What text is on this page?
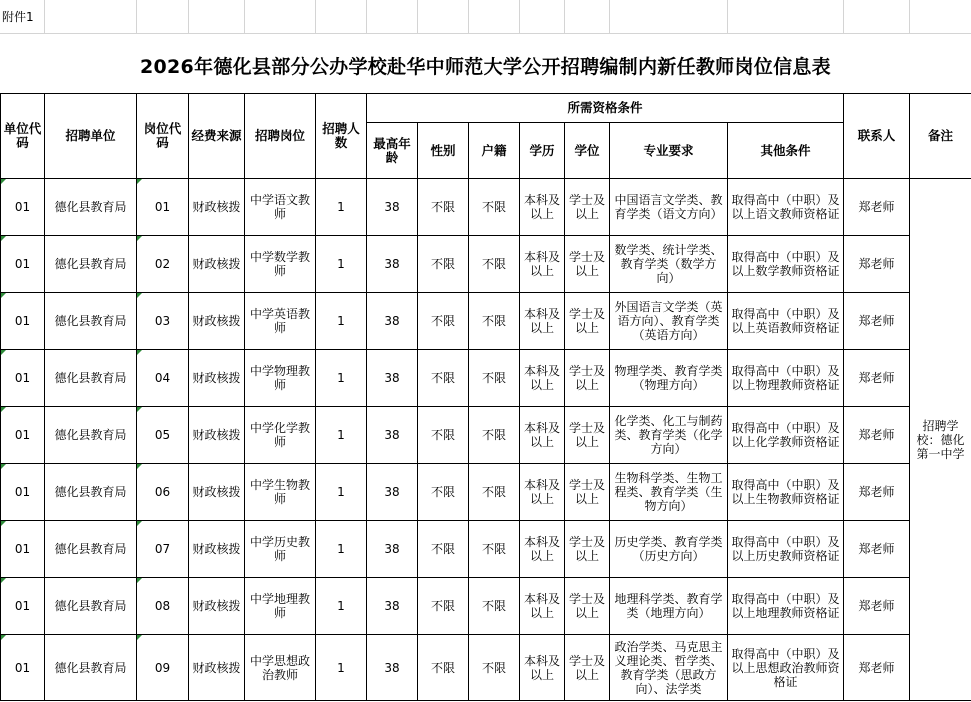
附件1
2026年德化县部分公办学校赴华中师范大学公开招聘编制内新任教师岗位信息表
单位代码	招聘单位	岗位代码	经费来源	招聘岗位	招聘人数	所需资格条件							联系人	备注
						最高年龄	性别	户籍	学历	学位	专业要求	其他条件		
01	德化县教育局	01	财政核拨	中学语文教师	1	38	不限	不限	本科及以上	学士及以上	中国语言文学类、教育学类（语文方向）	取得高中（中职）及以上语文教师资格证	郑老师	招聘学校：德化第一中学
01	德化县教育局	02	财政核拨	中学数学教师	1	38	不限	不限	本科及以上	学士及以上	数学类、统计学类、教育学类（数学方向）	取得高中（中职）及以上数学教师资格证	郑老师	
01	德化县教育局	03	财政核拨	中学英语教师	1	38	不限	不限	本科及以上	学士及以上	外国语言文学类（英语方向）、教育学类（英语方向）	取得高中（中职）及以上英语教师资格证	郑老师	
01	德化县教育局	04	财政核拨	中学物理教师	1	38	不限	不限	本科及以上	学士及以上	物理学类、教育学类（物理方向）	取得高中（中职）及以上物理教师资格证	郑老师	
01	德化县教育局	05	财政核拨	中学化学教师	1	38	不限	不限	本科及以上	学士及以上	化学类、化工与制药类、教育学类（化学方向）	取得高中（中职）及以上化学教师资格证	郑老师	
01	德化县教育局	06	财政核拨	中学生物教师	1	38	不限	不限	本科及以上	学士及以上	生物科学类、生物工程类、教育学类（生物方向）	取得高中（中职）及以上生物教师资格证	郑老师	
01	德化县教育局	07	财政核拨	中学历史教师	1	38	不限	不限	本科及以上	学士及以上	历史学类、教育学类（历史方向）	取得高中（中职）及以上历史教师资格证	郑老师	
01	德化县教育局	08	财政核拨	中学地理教师	1	38	不限	不限	本科及以上	学士及以上	地理科学类、教育学类（地理方向）	取得高中（中职）及以上地理教师资格证	郑老师	
01	德化县教育局	09	财政核拨	中学思想政治教师	1	38	不限	不限	本科及以上	学士及以上	政治学类、马克思主义理论类、哲学类、教育学类（思政方向）、法学类	取得高中（中职）及以上思想政治教师资格证	郑老师	
